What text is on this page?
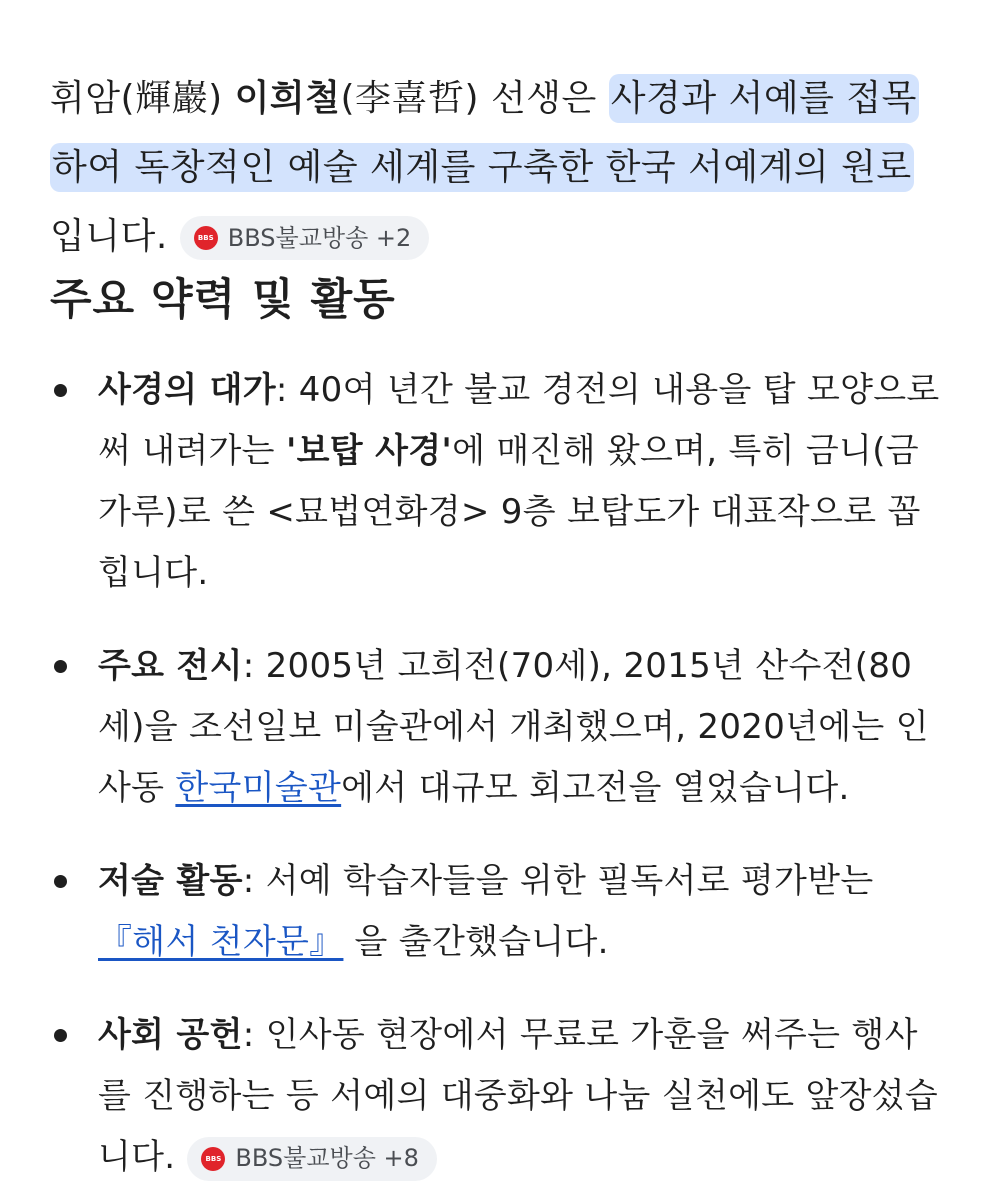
휘암(輝巖) 이희철(李喜哲) 선생은 사경과 서예를 접목하여 독창적인 예술 세계를 구축한 한국 서예계의 원로 입니다.	BBS BBS불교방송 +2

주요 약력 및 활동
사경의 대가: 40여 년간 불교 경전의 내용을 탑 모양으로 써 내려가는 '보탑 사경'에 매진해 왔으며, 특히 금니(금가루)로 쓴 <묘법연화경> 9층 보탑도가 대표작으로 꼽힙니다.
주요 전시: 2005년 고희전(70세), 2015년 산수전(80세)을 조선일보 미술관에서 개최했으며, 2020년에는 인사동 한국미술관에서 대규모 회고전을 열었습니다.
저술 활동: 서예 학습자들을 위한 필독서로 평가받는 『해서 천자문』 을 출간했습니다.
사회 공헌: 인사동 현장에서 무료로 가훈을 써주는 행사를 진행하는 등 서예의 대중화와 나눔 실천에도 앞장섰습니다.	BBS BBS불교방송 +8
